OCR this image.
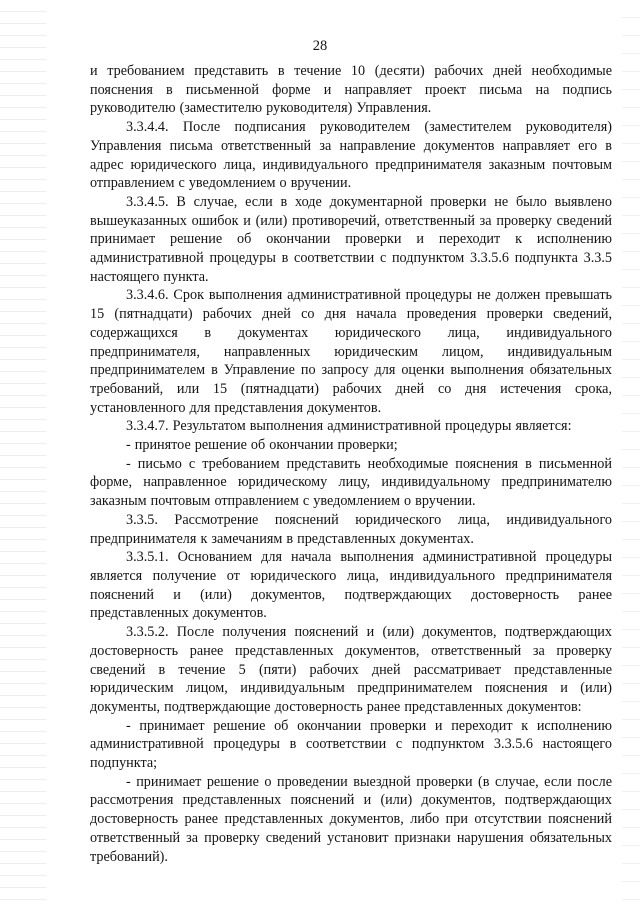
28

и требованием представить в течение 10 (десяти) рабочих дней необходимые пояснения в письменной форме и направляет проект письма на подпись руководителю (заместителю руководителя) Управления.

3.3.4.4. После подписания руководителем (заместителем руководителя) Управления письма ответственный за направление документов направляет его в адрес юридического лица, индивидуального предпринимателя заказным почтовым отправлением с уведомлением о вручении.

3.3.4.5. В случае, если в ходе документарной проверки не было выявлено вышеуказанных ошибок и (или) противоречий, ответственный за проверку сведений принимает решение об окончании проверки и переходит к исполнению административной процедуры в соответствии с подпунктом 3.3.5.6 подпункта 3.3.5 настоящего пункта.

3.3.4.6. Срок выполнения административной процедуры не должен превышать 15 (пятнадцати) рабочих дней со дня начала проведения проверки сведений, содержащихся в документах юридического лица, индивидуального предпринимателя, направленных юридическим лицом, индивидуальным предпринимателем в Управление по запросу для оценки выполнения обязательных требований, или 15 (пятнадцати) рабочих дней со дня истечения срока, установленного для представления документов.

3.3.4.7. Результатом выполнения административной процедуры является:

- принятое решение об окончании проверки;

- письмо с требованием представить необходимые пояснения в письменной форме, направленное юридическому лицу, индивидуальному предпринимателю заказным почтовым отправлением с уведомлением о вручении.

3.3.5. Рассмотрение пояснений юридического лица, индивидуального предпринимателя к замечаниям в представленных документах.

3.3.5.1. Основанием для начала выполнения административной процедуры является получение от юридического лица, индивидуального предпринимателя пояснений и (или) документов, подтверждающих достоверность ранее представленных документов.

3.3.5.2. После получения пояснений и (или) документов, подтверждающих достоверность ранее представленных документов, ответственный за проверку сведений в течение 5 (пяти) рабочих дней рассматривает представленные юридическим лицом, индивидуальным предпринимателем пояснения и (или) документы, подтверждающие достоверность ранее представленных документов:

- принимает решение об окончании проверки и переходит к исполнению административной процедуры в соответствии с подпунктом 3.3.5.6 настоящего подпункта;

- принимает решение о проведении выездной проверки (в случае, если после рассмотрения представленных пояснений и (или) документов, подтверждающих достоверность ранее представленных документов, либо при отсутствии пояснений ответственный за проверку сведений установит признаки нарушения обязательных требований).
